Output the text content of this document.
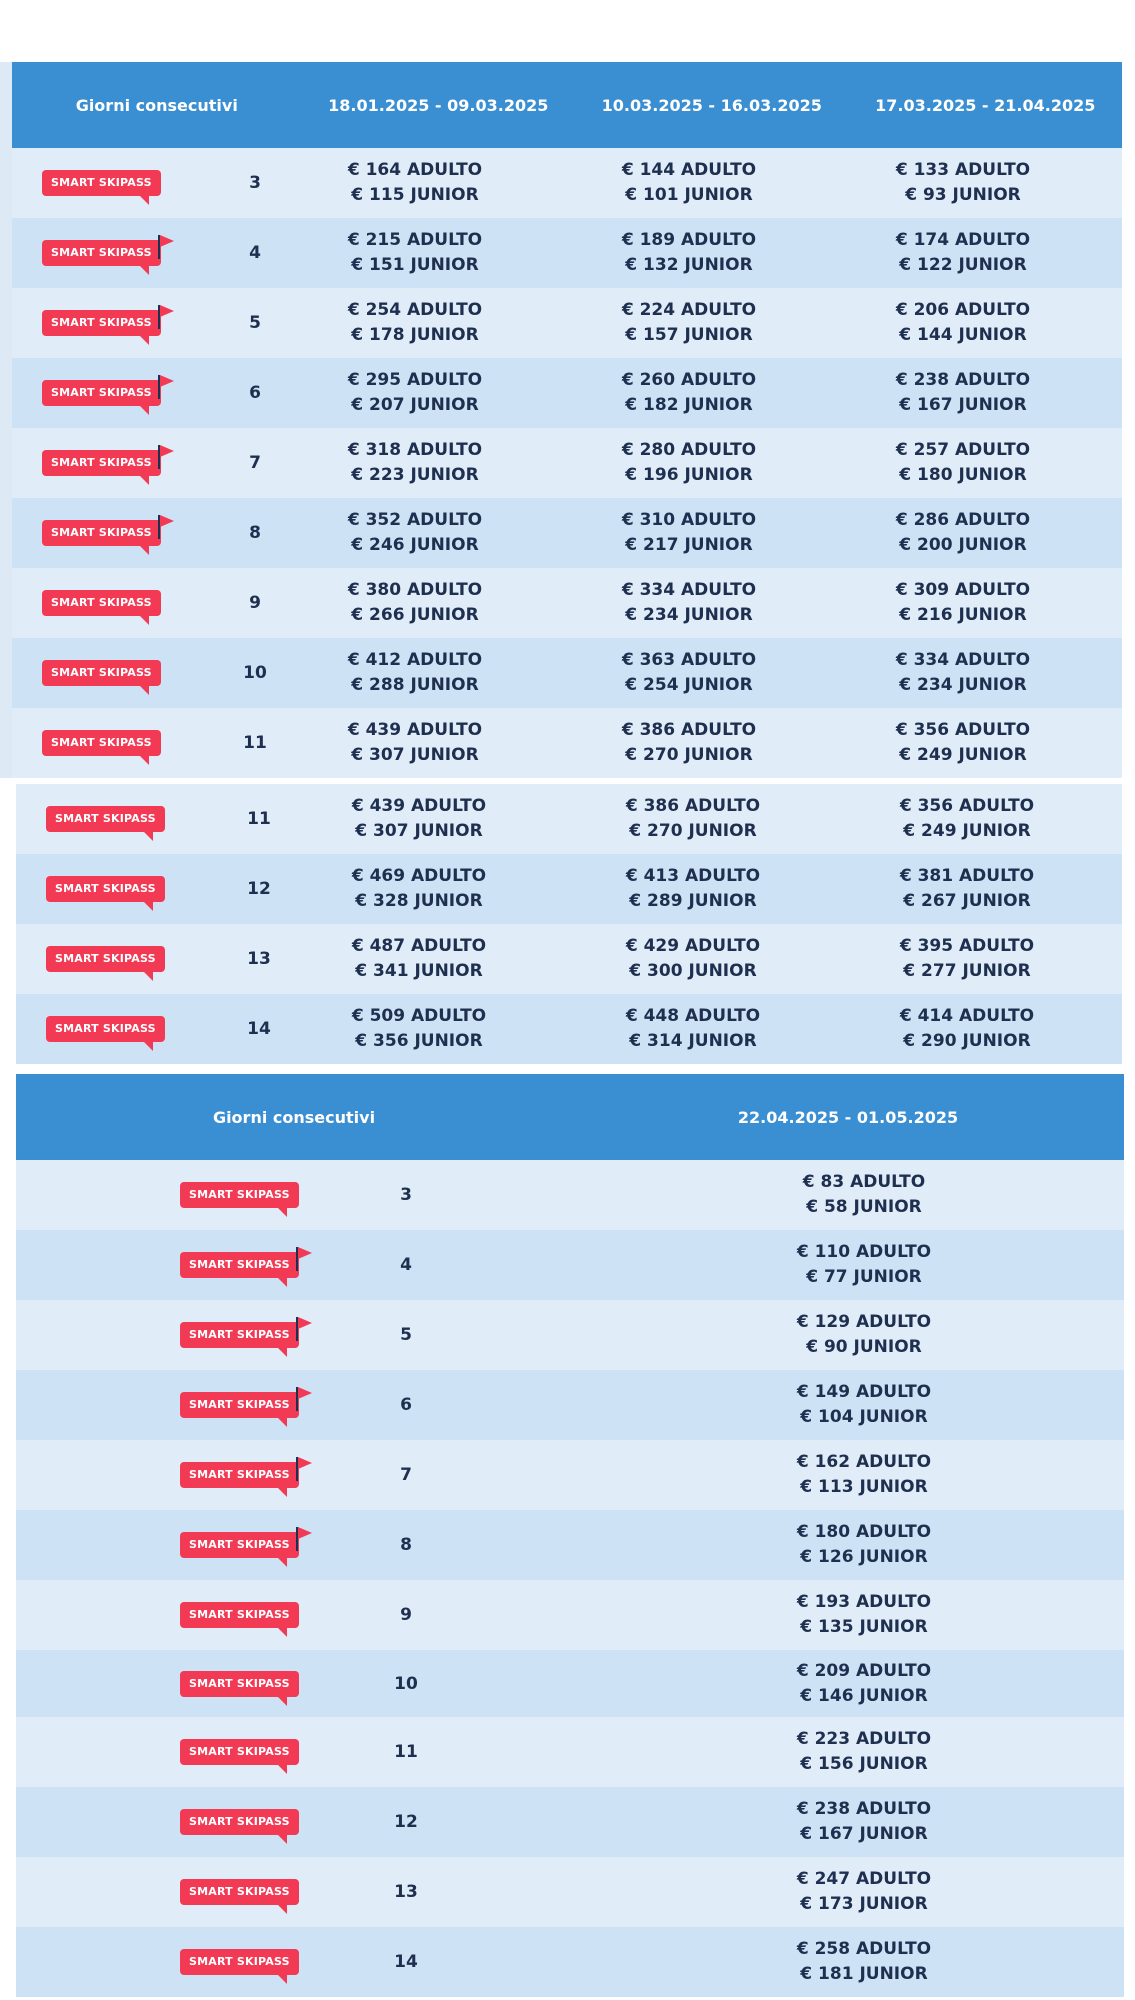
Giorni consecutivi	18.01.2025 - 09.03.2025	10.03.2025 - 16.03.2025	17.03.2025 - 21.04.2025
SMART SKIPASS	3
€ 164 ADULTO
€ 115 JUNIOR
€ 144 ADULTO
€ 101 JUNIOR
€ 133 ADULTO
€ 93 JUNIOR
SMART SKIPASS	4
€ 215 ADULTO
€ 151 JUNIOR
€ 189 ADULTO
€ 132 JUNIOR
€ 174 ADULTO
€ 122 JUNIOR
SMART SKIPASS	5
€ 254 ADULTO
€ 178 JUNIOR
€ 224 ADULTO
€ 157 JUNIOR
€ 206 ADULTO
€ 144 JUNIOR
SMART SKIPASS	6
€ 295 ADULTO
€ 207 JUNIOR
€ 260 ADULTO
€ 182 JUNIOR
€ 238 ADULTO
€ 167 JUNIOR
SMART SKIPASS	7
€ 318 ADULTO
€ 223 JUNIOR
€ 280 ADULTO
€ 196 JUNIOR
€ 257 ADULTO
€ 180 JUNIOR
SMART SKIPASS	8
€ 352 ADULTO
€ 246 JUNIOR
€ 310 ADULTO
€ 217 JUNIOR
€ 286 ADULTO
€ 200 JUNIOR
SMART SKIPASS	9
€ 380 ADULTO
€ 266 JUNIOR
€ 334 ADULTO
€ 234 JUNIOR
€ 309 ADULTO
€ 216 JUNIOR
SMART SKIPASS	10
€ 412 ADULTO
€ 288 JUNIOR
€ 363 ADULTO
€ 254 JUNIOR
€ 334 ADULTO
€ 234 JUNIOR
SMART SKIPASS	11
€ 439 ADULTO
€ 307 JUNIOR
€ 386 ADULTO
€ 270 JUNIOR
€ 356 ADULTO
€ 249 JUNIOR
SMART SKIPASS	11
€ 439 ADULTO
€ 307 JUNIOR
€ 386 ADULTO
€ 270 JUNIOR
€ 356 ADULTO
€ 249 JUNIOR
SMART SKIPASS	12
€ 469 ADULTO
€ 328 JUNIOR
€ 413 ADULTO
€ 289 JUNIOR
€ 381 ADULTO
€ 267 JUNIOR
SMART SKIPASS	13
€ 487 ADULTO
€ 341 JUNIOR
€ 429 ADULTO
€ 300 JUNIOR
€ 395 ADULTO
€ 277 JUNIOR
SMART SKIPASS	14
€ 509 ADULTO
€ 356 JUNIOR
€ 448 ADULTO
€ 314 JUNIOR
€ 414 ADULTO
€ 290 JUNIOR
Giorni consecutivi	22.04.2025 - 01.05.2025
SMART SKIPASS	3
€ 83 ADULTO
€ 58 JUNIOR
SMART SKIPASS	4
€ 110 ADULTO
€ 77 JUNIOR
SMART SKIPASS	5
€ 129 ADULTO
€ 90 JUNIOR
SMART SKIPASS	6
€ 149 ADULTO
€ 104 JUNIOR
SMART SKIPASS	7
€ 162 ADULTO
€ 113 JUNIOR
SMART SKIPASS	8
€ 180 ADULTO
€ 126 JUNIOR
SMART SKIPASS	9
€ 193 ADULTO
€ 135 JUNIOR
SMART SKIPASS	10
€ 209 ADULTO
€ 146 JUNIOR
SMART SKIPASS	11
€ 223 ADULTO
€ 156 JUNIOR
SMART SKIPASS	12
€ 238 ADULTO
€ 167 JUNIOR
SMART SKIPASS	13
€ 247 ADULTO
€ 173 JUNIOR
SMART SKIPASS	14
€ 258 ADULTO
€ 181 JUNIOR
